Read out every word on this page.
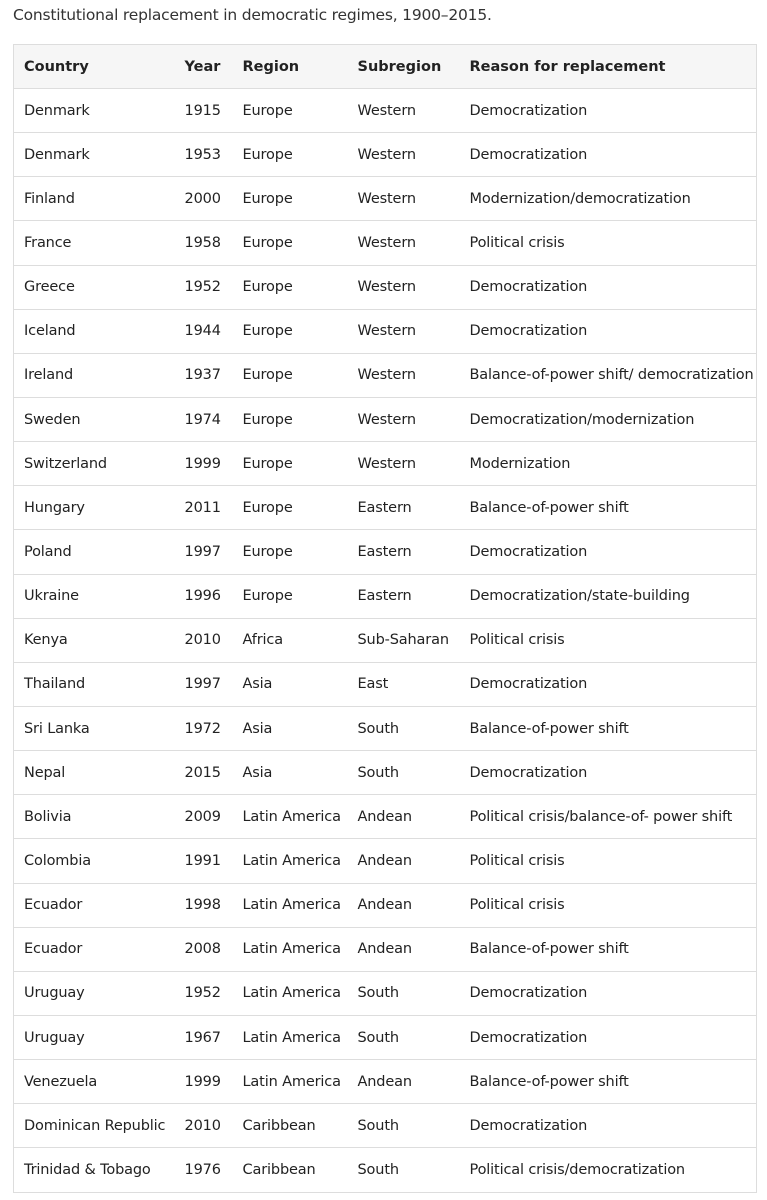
Constitutional replacement in democratic regimes, 1900–2015.
Country	Year	Region	Subregion	Reason for replacement
Denmark	1915	Europe	Western	Democratization
Denmark	1953	Europe	Western	Democratization
Finland	2000	Europe	Western	Modernization/democratization
France	1958	Europe	Western	Political crisis
Greece	1952	Europe	Western	Democratization
Iceland	1944	Europe	Western	Democratization
Ireland	1937	Europe	Western	Balance-of-power shift/ democratization
Sweden	1974	Europe	Western	Democratization/modernization
Switzerland	1999	Europe	Western	Modernization
Hungary	2011	Europe	Eastern	Balance-of-power shift
Poland	1997	Europe	Eastern	Democratization
Ukraine	1996	Europe	Eastern	Democratization/state-building
Kenya	2010	Africa	Sub-Saharan	Political crisis
Thailand	1997	Asia	East	Democratization
Sri Lanka	1972	Asia	South	Balance-of-power shift
Nepal	2015	Asia	South	Democratization
Bolivia	2009	Latin America	Andean	Political crisis/balance-of- power shift
Colombia	1991	Latin America	Andean	Political crisis
Ecuador	1998	Latin America	Andean	Political crisis
Ecuador	2008	Latin America	Andean	Balance-of-power shift
Uruguay	1952	Latin America	South	Democratization
Uruguay	1967	Latin America	South	Democratization
Venezuela	1999	Latin America	Andean	Balance-of-power shift
Dominican Republic	2010	Caribbean	South	Democratization
Trinidad & Tobago	1976	Caribbean	South	Political crisis/democratization
